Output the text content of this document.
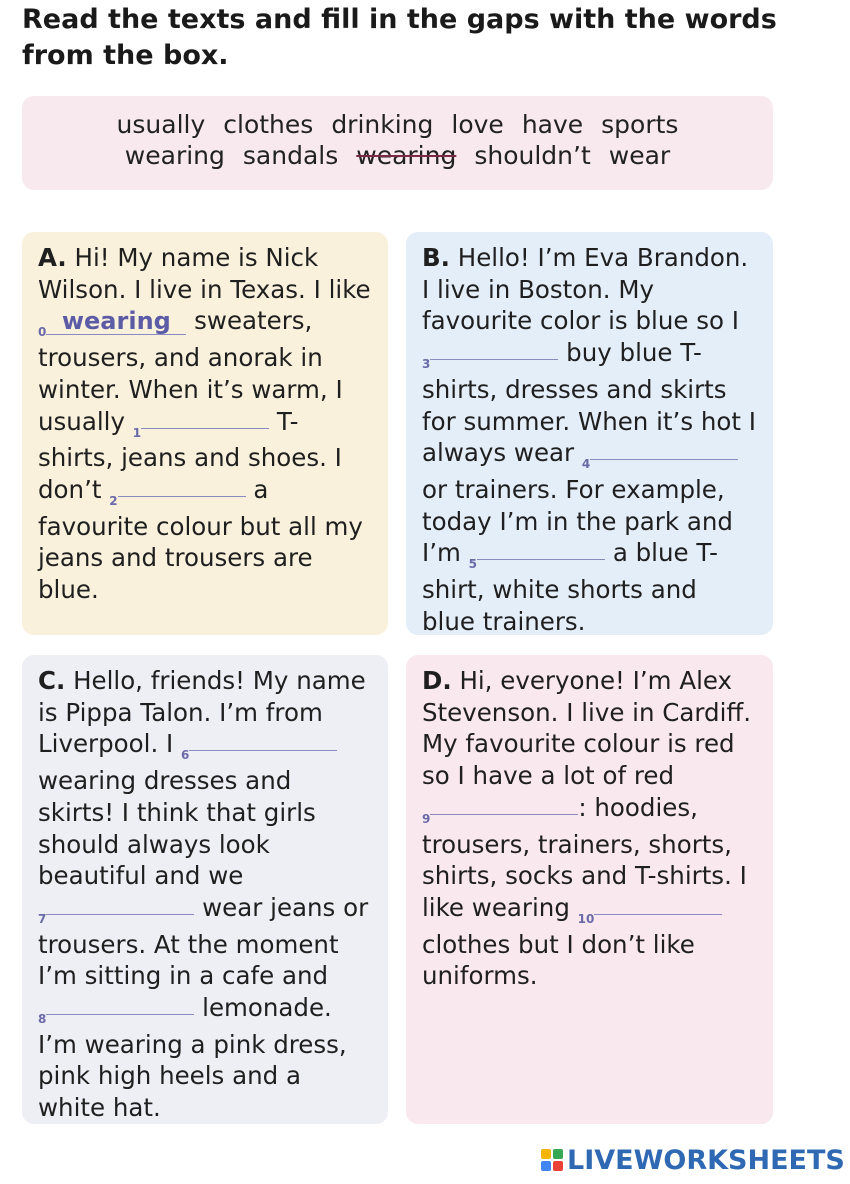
Read the texts and fill in the gaps with the words from the box.
usually clothes drinking love have sports
wearing sandals wearing shouldn’t wear

A. Hi! My name is Nick Wilson. I live in Texas. I like $_0$ wearing sweaters, trousers, and anorak in winter. When it’s warm, I usually $_1$	T-shirts, jeans and shoes. I don’t $_2$	a favourite colour but all my jeans and trousers are blue.

B. Hello! I’m Eva Brandon. I live in Boston. My favourite color is blue so I $_3$	buy blue T-shirts, dresses and skirts for summer. When it’s hot I always wear $_4$ or trainers. For example, today I’m in the park and I’m $_5$	a blue T-shirt, white shorts and blue trainers.

C. Hello, friends! My name is Pippa Talon. I’m from Liverpool. I $_6$ wearing dresses and skirts! I think that girls should always look beautiful and we $_7$	wear jeans or trousers. At the moment I’m sitting in a cafe and $_8$	lemonade. I’m wearing a pink dress, pink high heels and a white hat.

D. Hi, everyone! I’m Alex Stevenson. I live in Cardiff. My favourite colour is red so I have a lot of red $_9$	: hoodies, trousers, trainers, shorts, shirts, socks and T-shirts. I like wearing $_{10}$ clothes but I don’t like uniforms.

LIVEWORKSHEETS
